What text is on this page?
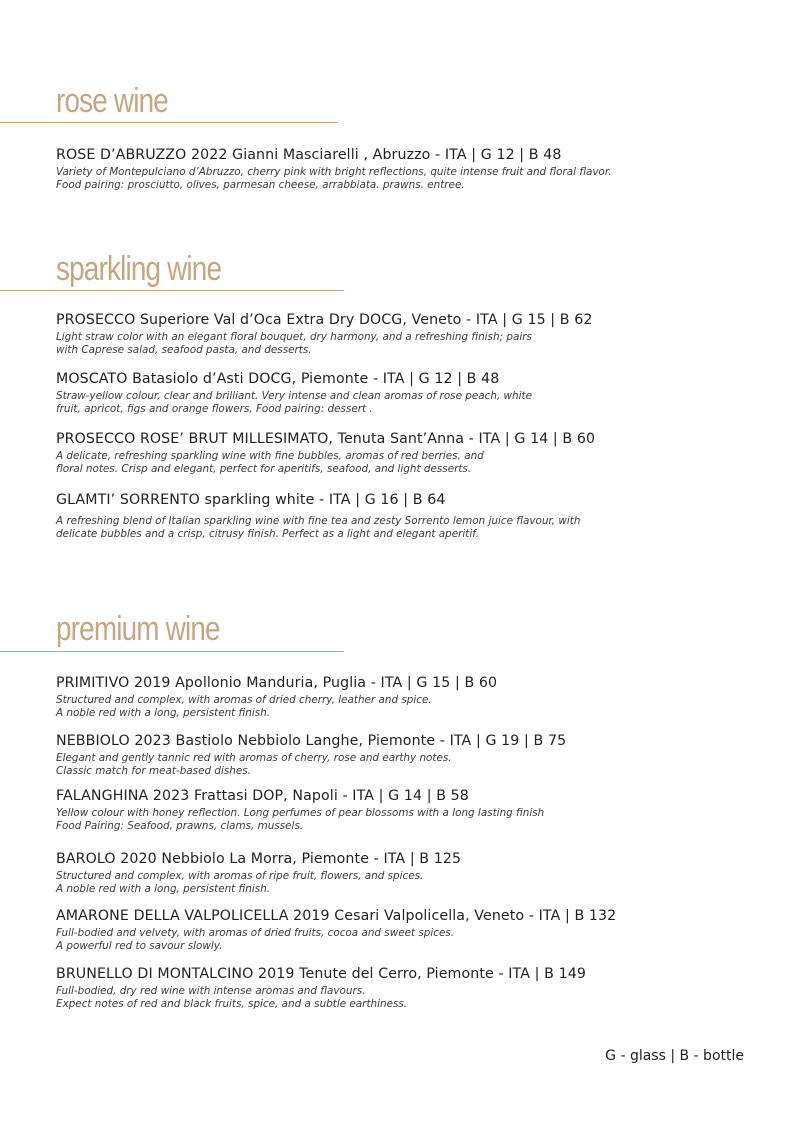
rose wine
ROSE D’ABRUZZO 2022 Gianni Masciarelli , Abruzzo - ITA | G 12 | B 48
Variety of Montepulciano d’Abruzzo, cherry pink with bright reflections, quite intense fruit and floral flavor.
Food pairing: prosciutto, olives, parmesan cheese, arrabbiata. prawns. entree.
sparkling wine
PROSECCO Superiore Val d’Oca Extra Dry DOCG, Veneto - ITA | G 15 | B 62
Light straw color with an elegant floral bouquet, dry harmony, and a refreshing finish; pairs
with Caprese salad, seafood pasta, and desserts.
MOSCATO Batasiolo d’Asti DOCG, Piemonte - ITA | G 12 | B 48
Straw-yellow colour, clear and brilliant. Very intense and clean aromas of rose peach, white
fruit, apricot, figs and orange flowers, Food pairing: dessert .
PROSECCO ROSE’ BRUT MILLESIMATO, Tenuta Sant’Anna - ITA | G 14 | B 60
A delicate, refreshing sparkling wine with fine bubbles, aromas of red berries, and
floral notes. Crisp and elegant, perfect for aperitifs, seafood, and light desserts.
GLAMTI’ SORRENTO sparkling white - ITA | G 16 | B 64
A refreshing blend of Italian sparkling wine with fine tea and zesty Sorrento lemon juice flavour, with
delicate bubbles and a crisp, citrusy finish. Perfect as a light and elegant aperitif.
premium wine
PRIMITIVO 2019 Apollonio Manduria, Puglia - ITA | G 15 | B 60
Structured and complex, with aromas of dried cherry, leather and spice.
A noble red with a long, persistent finish.
NEBBIOLO 2023 Bastiolo Nebbiolo Langhe, Piemonte - ITA | G 19 | B 75
Elegant and gently tannic red with aromas of cherry, rose and earthy notes.
Classic match for meat-based dishes.
FALANGHINA 2023 Frattasi DOP, Napoli - ITA | G 14 | B 58
Yellow colour with honey reflection. Long perfumes of pear blossoms with a long lasting finish
Food Pairing: Seafood, prawns, clams, mussels.
BAROLO 2020 Nebbiolo La Morra, Piemonte - ITA | B 125
Structured and complex, with aromas of ripe fruit, flowers, and spices.
A noble red with a long, persistent finish.
AMARONE DELLA VALPOLICELLA 2019 Cesari Valpolicella, Veneto - ITA | B 132
Full-bodied and velvety, with aromas of dried fruits, cocoa and sweet spices.
A powerful red to savour slowly.
BRUNELLO DI MONTALCINO 2019 Tenute del Cerro, Piemonte - ITA | B 149
Full-bodied, dry red wine with intense aromas and flavours.
Expect notes of red and black fruits, spice, and a subtle earthiness.
G - glass | B - bottle
